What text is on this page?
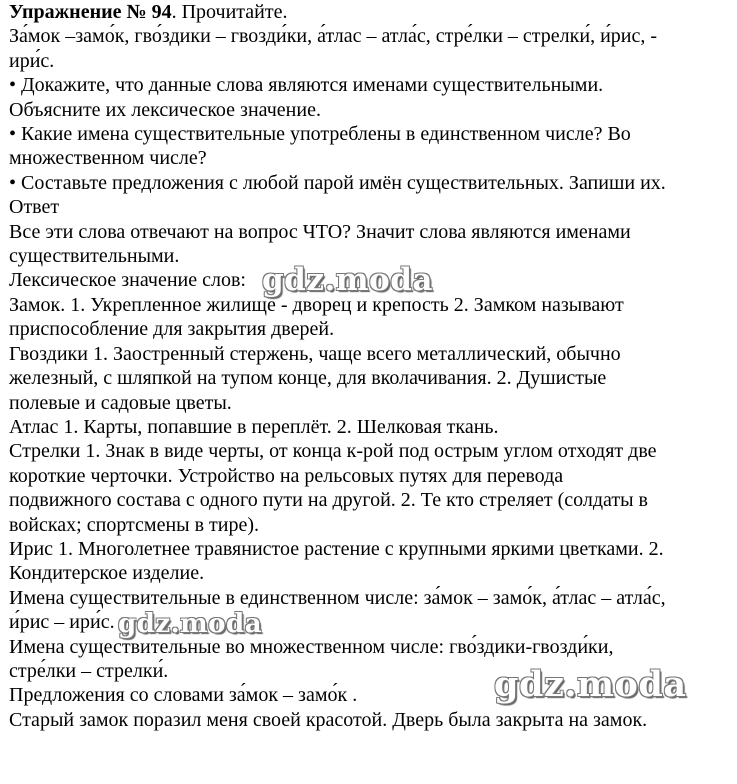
Упражнение № 94. Прочитайте.
За́мок –замо́к, гво́здики – гвозди́ки, а́тлас – атла́с, стре́лки – стрелки́, и́рис, -
ири́с.
• Докажите, что данные слова являются именами существительными.
Объясните их лексическое значение.
• Какие имена существительные употреблены в единственном числе? Во
множественном числе?
• Составьте предложения с любой парой имён существительных. Запиши их.
Ответ
Все эти слова отвечают на вопрос ЧТО? Значит слова являются именами
существительными.
Лексическое значение слов:
Замок. 1. Укрепленное жилище - дворец и крепость 2. Замком называют
приспособление для закрытия дверей.
Гвоздики 1. Заостренный стержень, чаще всего металлический, обычно
железный, с шляпкой на тупом конце, для вколачивания. 2. Душистые
полевые и садовые цветы.
Атлас 1. Карты, попавшие в переплёт. 2. Шелковая ткань.
Стрелки 1. Знак в виде черты, от конца к-рой под острым углом отходят две
короткие черточки. Устройство на рельсовых путях для перевода
подвижного состава с одного пути на другой. 2. Те кто стреляет (солдаты в
войсках; спортсмены в тире).
Ирис 1. Многолетнее травянистое растение с крупными яркими цветками. 2.
Кондитерское изделие.
Имена существительные в единственном числе: за́мок – замо́к, а́тлас – атла́с,
и́рис – ири́с.
Имена существительные во множественном числе: гво́здики-гвозди́ки,
стре́лки – стрелки́.
Предложения со словами за́мок – замо́к .
Старый замок поразил меня своей красотой. Дверь была закрыта на замок.
gdz.moda
gdz.moda
gdz.moda
